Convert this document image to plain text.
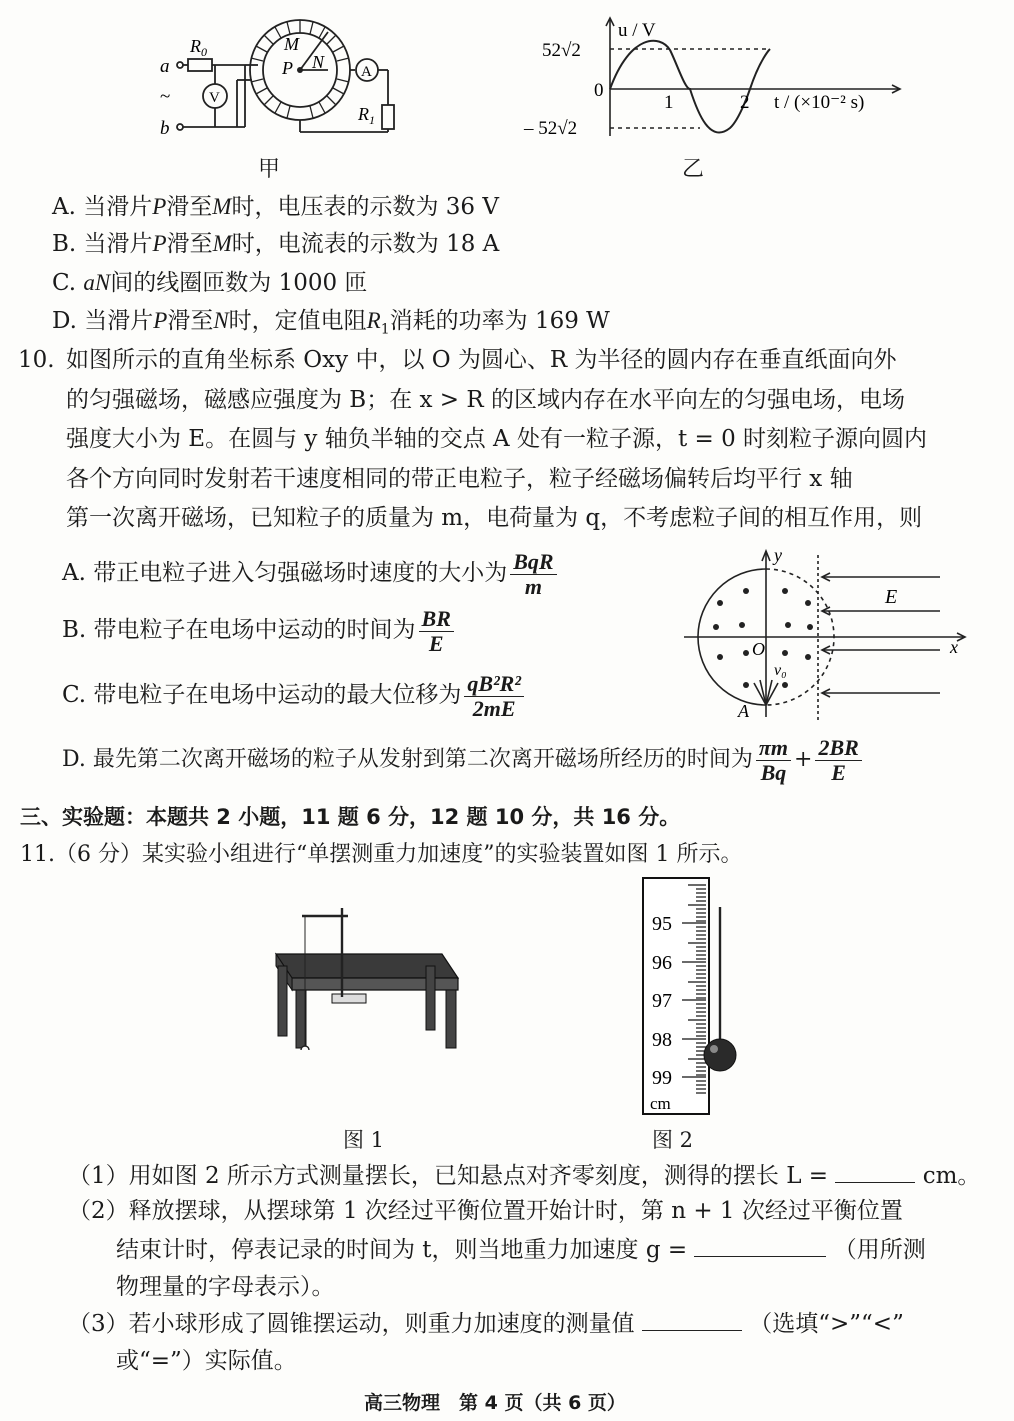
a
~
b
$R_0$
V
A
M
P N
$R_1$
甲
52√2
0
– 52√2
1	2
u / V
t / (×10⁻² s)
乙
A. 当滑片P滑至M时，电压表的示数为 36 V
B. 当滑片P滑至M时，电流表的示数为 18 A
C. aN间的线圈匝数为 1000 匝
D. 当滑片P滑至N时，定值电阻$R_1$消耗的功率为 169 W
10. 如图所示的直角坐标系 Oxy 中，以 O 为圆心、R 为半径的圆内存在垂直纸面向外
的匀强磁场，磁感应强度为 B；在 x > R 的区域内存在水平向左的匀强电场，电场
强度大小为 E。在圆与 y 轴负半轴的交点 A 处有一粒子源，t = 0 时刻粒子源向圆内
各个方向同时发射若干速度相同的带正电粒子，粒子经磁场偏转后均平行 x 轴
第一次离开磁场，已知粒子的质量为 m，电荷量为 q，不考虑粒子间的相互作用，则
A. 带正电粒子进入匀强磁场时速度的大小为 $\frac{\text{BqR}}{m}$
B. 带电粒子在电场中运动的时间为 $\frac{BR}{E}$
C. 带电粒子在电场中运动的最大位移为 $\frac{\text{qB²R²}}{2mE}$
D. 最先第二次离开磁场的粒子从发射到第二次离开磁场所经历的时间为 $\frac{\pi m}{Bq} + \frac{2BR}{E}$
y
x
E
O
v₀
A
三、实验题：本题共 2 小题，11 题 6 分，12 题 10 分，共 16 分。
11.（6 分）某实验小组进行“单摆测重力加速度”的实验装置如图 1 所示。
图 1
95
96
97
98
99
cm
图 2
（1）用如图 2 所示方式测量摆长，已知悬点对齐零刻度，测得的摆长 L =	cm。
（2）释放摆球，从摆球第 1 次经过平衡位置开始计时，第 n + 1 次经过平衡位置
结束计时，停表记录的时间为 t，则当地重力加速度 g =	（用所测
物理量的字母表示）。
（3）若小球形成了圆锥摆运动，则重力加速度的测量值	（选填“>”“<”
或“=”）实际值。
高三物理　第 4 页（共 6 页）
